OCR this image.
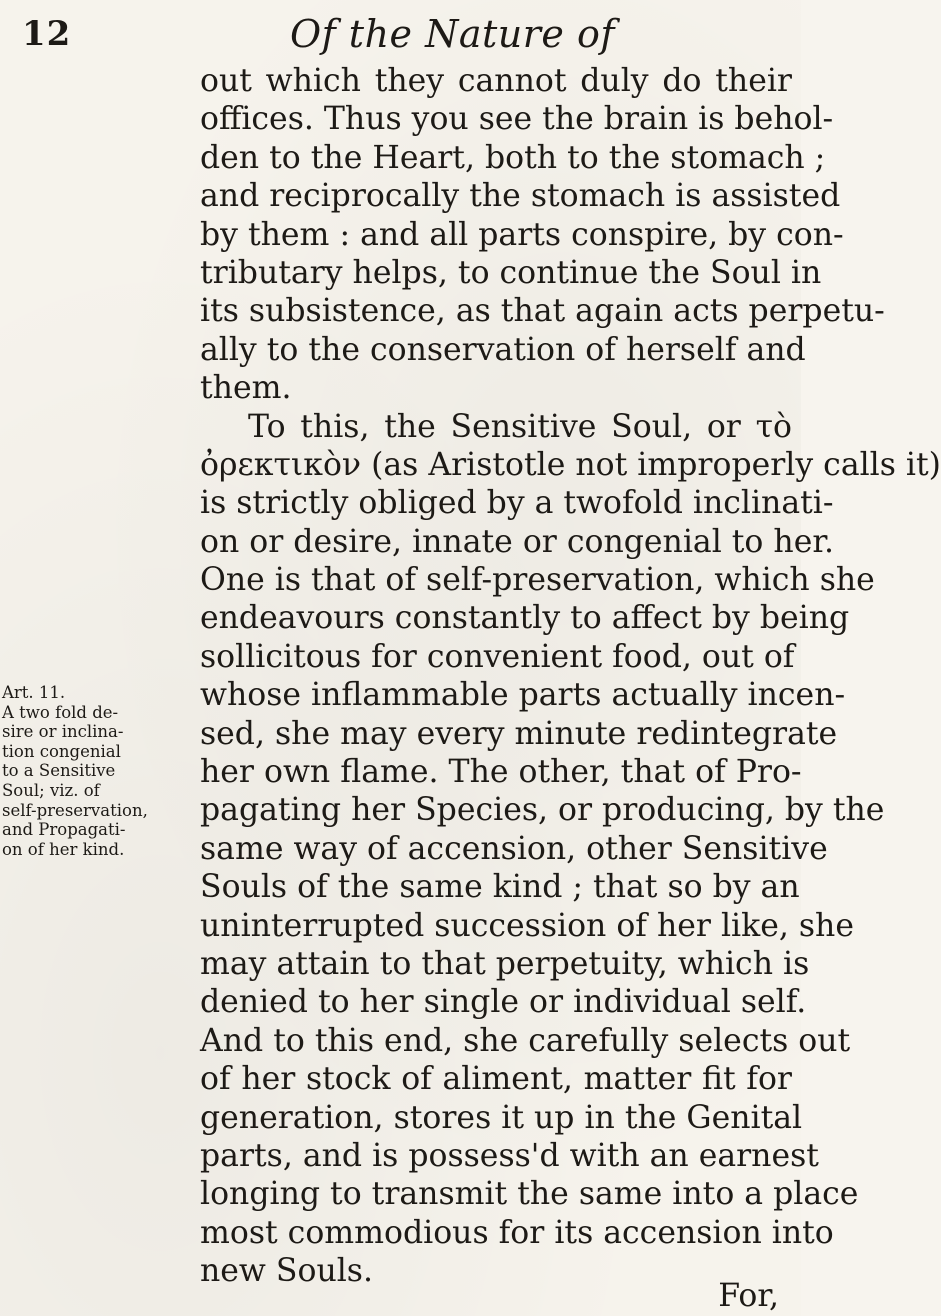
12	Of the Nature of
Art. 11.
A two fold de-
sire or inclina-
tion congenial
to a Sensitive
Soul; viz. of
self-preservation,
and Propagati-
on of her kind.
out which they cannot duly do their
offices. Thus you see the brain is behol-
den to the Heart, both to the stomach ;
and reciprocally the stomach is assisted
by them : and all parts conspire, by con-
tributary helps, to continue the Soul in
its subsistence, as that again acts perpetu-
ally to the conservation of herself and
them.
To this, the Sensitive Soul, or τὸ
ὀρεκτικὸν (as Aristotle not improperly calls it)
is strictly obliged by a twofold inclinati-
on or desire, innate or congenial to her.
One is that of self-preservation, which she
endeavours constantly to affect by being
sollicitous for convenient food, out of
whose inflammable parts actually incen-
sed, she may every minute redintegrate
her own flame. The other, that of Pro-
pagating her Species, or producing, by the
same way of accension, other Sensitive
Souls of the same kind ; that so by an
uninterrupted succession of her like, she
may attain to that perpetuity, which is
denied to her single or individual self.
And to this end, she carefully selects out
of her stock of aliment, matter fit for
generation, stores it up in the Genital
parts, and is possess'd with an earnest
longing to transmit the same into a place
most commodious for its accension into
new Souls.
For,
